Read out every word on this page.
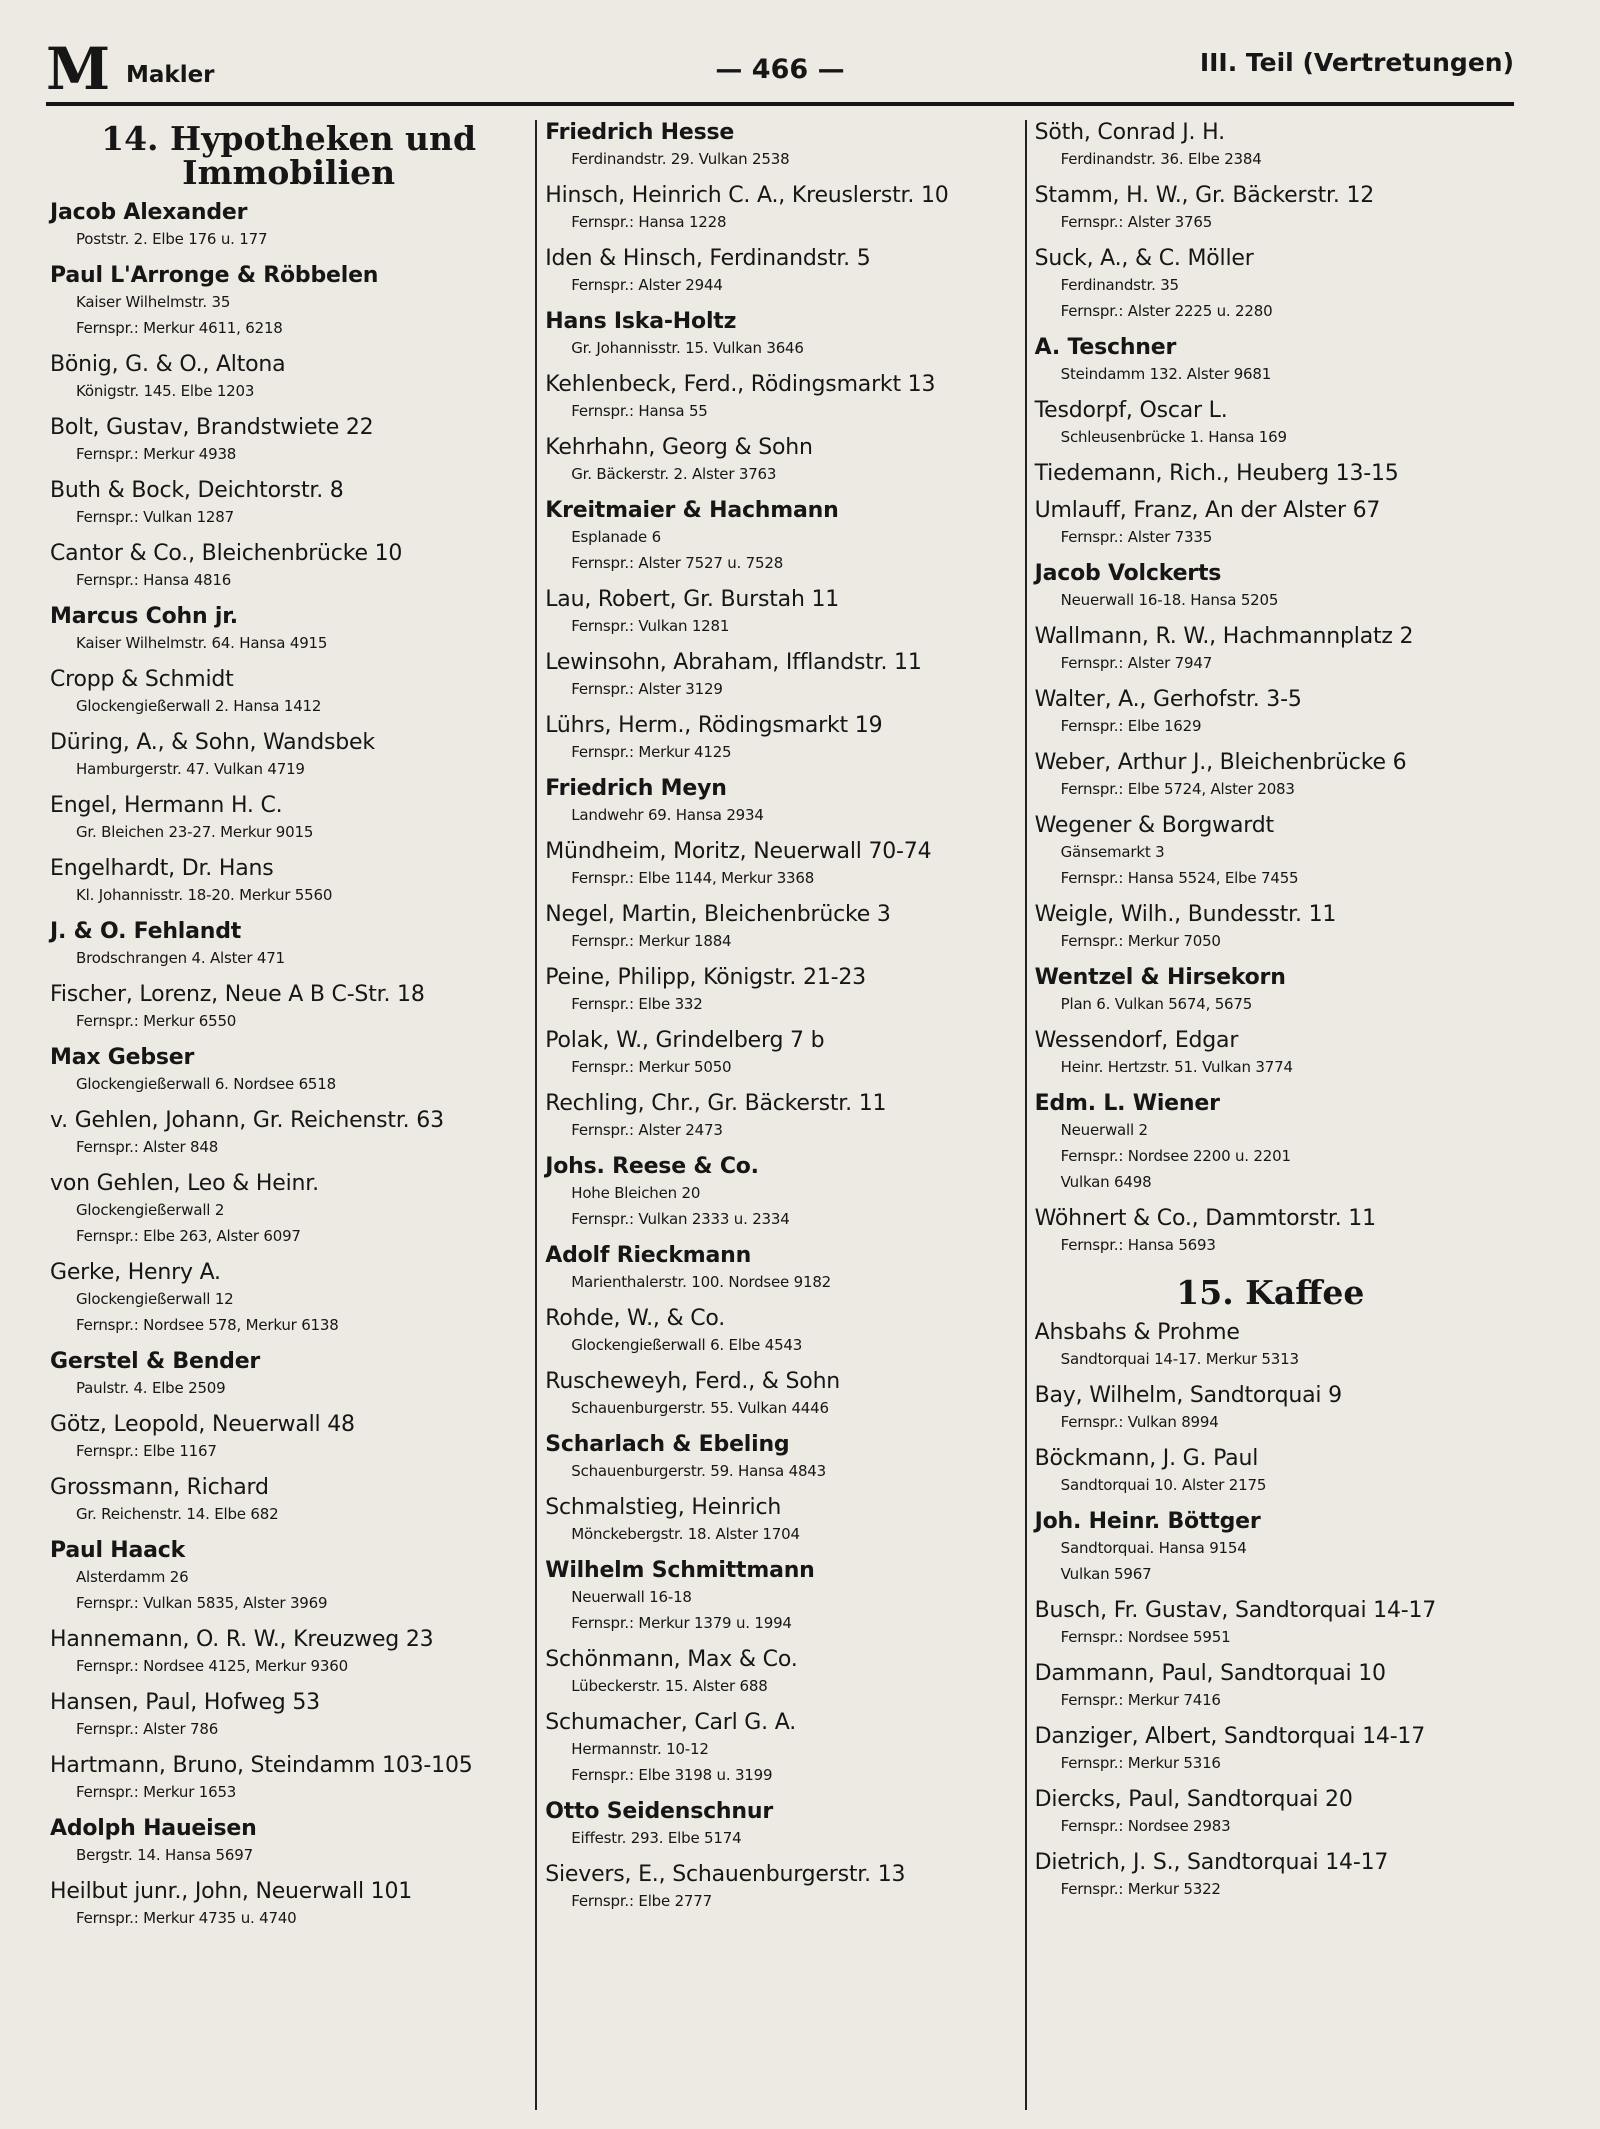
M Makler	— 466 —	III. Teil (Vertretungen)
14. Hypotheken und Immobilien
Jacob Alexander
Poststr. 2. Elbe 176 u. 177
Paul L'Arronge & Röbbelen
Kaiser Wilhelmstr. 35
Fernspr.: Merkur 4611, 6218
Bönig, G. & O., Altona
Königstr. 145. Elbe 1203
Bolt, Gustav, Brandstwiete 22
Fernspr.: Merkur 4938
Buth & Bock, Deichtorstr. 8
Fernspr.: Vulkan 1287
Cantor & Co., Bleichenbrücke 10
Fernspr.: Hansa 4816
Marcus Cohn jr.
Kaiser Wilhelmstr. 64. Hansa 4915
Cropp & Schmidt
Glockengießerwall 2. Hansa 1412
Düring, A., & Sohn, Wandsbek
Hamburgerstr. 47. Vulkan 4719
Engel, Hermann H. C.
Gr. Bleichen 23-27. Merkur 9015
Engelhardt, Dr. Hans
Kl. Johannisstr. 18-20. Merkur 5560
J. & O. Fehlandt
Brodschrangen 4. Alster 471
Fischer, Lorenz, Neue A B C-Str. 18
Fernspr.: Merkur 6550
Max Gebser
Glockengießerwall 6. Nordsee 6518
v. Gehlen, Johann, Gr. Reichenstr. 63
Fernspr.: Alster 848
von Gehlen, Leo & Heinr.
Glockengießerwall 2
Fernspr.: Elbe 263, Alster 6097
Gerke, Henry A.
Glockengießerwall 12
Fernspr.: Nordsee 578, Merkur 6138
Gerstel & Bender
Paulstr. 4. Elbe 2509
Götz, Leopold, Neuerwall 48
Fernspr.: Elbe 1167
Grossmann, Richard
Gr. Reichenstr. 14. Elbe 682
Paul Haack
Alsterdamm 26
Fernspr.: Vulkan 5835, Alster 3969
Hannemann, O. R. W., Kreuzweg 23
Fernspr.: Nordsee 4125, Merkur 9360
Hansen, Paul, Hofweg 53
Fernspr.: Alster 786
Hartmann, Bruno, Steindamm 103-105
Fernspr.: Merkur 1653
Adolph Haueisen
Bergstr. 14. Hansa 5697
Heilbut junr., John, Neuerwall 101
Fernspr.: Merkur 4735 u. 4740
Friedrich Hesse
Ferdinandstr. 29. Vulkan 2538
Hinsch, Heinrich C. A., Kreuslerstr. 10
Fernspr.: Hansa 1228
Iden & Hinsch, Ferdinandstr. 5
Fernspr.: Alster 2944
Hans Iska-Holtz
Gr. Johannisstr. 15. Vulkan 3646
Kehlenbeck, Ferd., Rödingsmarkt 13
Fernspr.: Hansa 55
Kehrhahn, Georg & Sohn
Gr. Bäckerstr. 2. Alster 3763
Kreitmaier & Hachmann
Esplanade 6
Fernspr.: Alster 7527 u. 7528
Lau, Robert, Gr. Burstah 11
Fernspr.: Vulkan 1281
Lewinsohn, Abraham, Ifflandstr. 11
Fernspr.: Alster 3129
Lührs, Herm., Rödingsmarkt 19
Fernspr.: Merkur 4125
Friedrich Meyn
Landwehr 69. Hansa 2934
Mündheim, Moritz, Neuerwall 70-74
Fernspr.: Elbe 1144, Merkur 3368
Negel, Martin, Bleichenbrücke 3
Fernspr.: Merkur 1884
Peine, Philipp, Königstr. 21-23
Fernspr.: Elbe 332
Polak, W., Grindelberg 7 b
Fernspr.: Merkur 5050
Rechling, Chr., Gr. Bäckerstr. 11
Fernspr.: Alster 2473
Johs. Reese & Co.
Hohe Bleichen 20
Fernspr.: Vulkan 2333 u. 2334
Adolf Rieckmann
Marienthalerstr. 100. Nordsee 9182
Rohde, W., & Co.
Glockengießerwall 6. Elbe 4543
Ruscheweyh, Ferd., & Sohn
Schauenburgerstr. 55. Vulkan 4446
Scharlach & Ebeling
Schauenburgerstr. 59. Hansa 4843
Schmalstieg, Heinrich
Mönckebergstr. 18. Alster 1704
Wilhelm Schmittmann
Neuerwall 16-18
Fernspr.: Merkur 1379 u. 1994
Schönmann, Max & Co.
Lübeckerstr. 15. Alster 688
Schumacher, Carl G. A.
Hermannstr. 10-12
Fernspr.: Elbe 3198 u. 3199
Otto Seidenschnur
Eiffestr. 293. Elbe 5174
Sievers, E., Schauenburgerstr. 13
Fernspr.: Elbe 2777
Söth, Conrad J. H.
Ferdinandstr. 36. Elbe 2384
Stamm, H. W., Gr. Bäckerstr. 12
Fernspr.: Alster 3765
Suck, A., & C. Möller
Ferdinandstr. 35
Fernspr.: Alster 2225 u. 2280
A. Teschner
Steindamm 132. Alster 9681
Tesdorpf, Oscar L.
Schleusenbrücke 1. Hansa 169
Tiedemann, Rich., Heuberg 13-15
Umlauff, Franz, An der Alster 67
Fernspr.: Alster 7335
Jacob Volckerts
Neuerwall 16-18. Hansa 5205
Wallmann, R. W., Hachmannplatz 2
Fernspr.: Alster 7947
Walter, A., Gerhofstr. 3-5
Fernspr.: Elbe 1629
Weber, Arthur J., Bleichenbrücke 6
Fernspr.: Elbe 5724, Alster 2083
Wegener & Borgwardt
Gänsemarkt 3
Fernspr.: Hansa 5524, Elbe 7455
Weigle, Wilh., Bundesstr. 11
Fernspr.: Merkur 7050
Wentzel & Hirsekorn
Plan 6. Vulkan 5674, 5675
Wessendorf, Edgar
Heinr. Hertzstr. 51. Vulkan 3774
Edm. L. Wiener
Neuerwall 2
Fernspr.: Nordsee 2200 u. 2201
Vulkan 6498
Wöhnert & Co., Dammtorstr. 11
Fernspr.: Hansa 5693
15. Kaffee
Ahsbahs & Prohme
Sandtorquai 14-17. Merkur 5313
Bay, Wilhelm, Sandtorquai 9
Fernspr.: Vulkan 8994
Böckmann, J. G. Paul
Sandtorquai 10. Alster 2175
Joh. Heinr. Böttger
Sandtorquai. Hansa 9154
Vulkan 5967
Busch, Fr. Gustav, Sandtorquai 14-17
Fernspr.: Nordsee 5951
Dammann, Paul, Sandtorquai 10
Fernspr.: Merkur 7416
Danziger, Albert, Sandtorquai 14-17
Fernspr.: Merkur 5316
Diercks, Paul, Sandtorquai 20
Fernspr.: Nordsee 2983
Dietrich, J. S., Sandtorquai 14-17
Fernspr.: Merkur 5322
